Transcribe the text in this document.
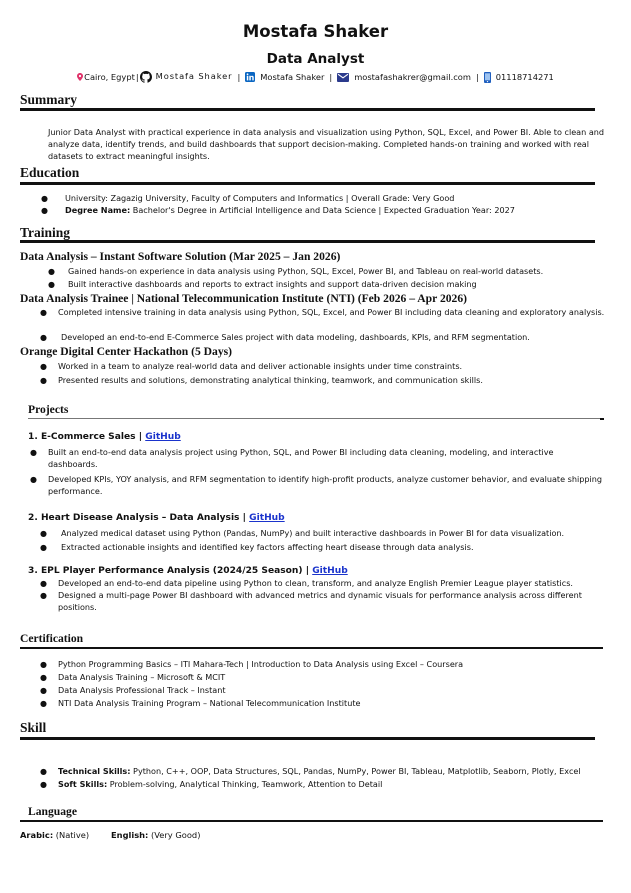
Mostafa Shaker
Data Analyst
Cairo, Egypt| Mostafa Shaker | Mostafa Shaker |	mostafashakrer@gmail.com | 01118714271
Summary
Junior Data Analyst with practical experience in data analysis and visualization using Python, SQL, Excel, and Power BI. Able to clean and analyze data, identify trends, and build dashboards that support decision-making. Completed hands-on training and worked with real datasets to extract meaningful insights.
Education
● University: Zagazig University, Faculty of Computers and Informatics | Overall Grade: Very Good
● Degree Name: Bachelor's Degree in Artificial Intelligence and Data Science | Expected Graduation Year: 2027
Training
Data Analysis – Instant Software Solution (Mar 2025 – Jan 2026)
● Gained hands-on experience in data analysis using Python, SQL, Excel, Power BI, and Tableau on real-world datasets.
● Built interactive dashboards and reports to extract insights and support data-driven decision making
Data Analysis Trainee | National Telecommunication Institute (NTI) (Feb 2026 – Apr 2026)
● Completed intensive training in data analysis using Python, SQL, Excel, and Power BI including data cleaning and exploratory analysis.
● Developed an end-to-end E-Commerce Sales project with data modeling, dashboards, KPIs, and RFM segmentation.
Orange Digital Center Hackathon (5 Days)
● Worked in a team to analyze real-world data and deliver actionable insights under time constraints.
● Presented results and solutions, demonstrating analytical thinking, teamwork, and communication skills.
Projects
1. E-Commerce Sales | GitHub
● Built an end-to-end data analysis project using Python, SQL, and Power BI including data cleaning, modeling, and interactive dashboards.
● Developed KPIs, YOY analysis, and RFM segmentation to identify high-profit products, analyze customer behavior, and evaluate shipping performance.
2. Heart Disease Analysis – Data Analysis | GitHub
● Analyzed medical dataset using Python (Pandas, NumPy) and built interactive dashboards in Power BI for data visualization.
● Extracted actionable insights and identified key factors affecting heart disease through data analysis.
3. EPL Player Performance Analysis (2024/25 Season) | GitHub
● Developed an end-to-end data pipeline using Python to clean, transform, and analyze English Premier League player statistics.
● Designed a multi-page Power BI dashboard with advanced metrics and dynamic visuals for performance analysis across different positions.
Certification
● Python Programming Basics – ITI Mahara-Tech | Introduction to Data Analysis using Excel – Coursera
● Data Analysis Training – Microsoft & MCIT
● Data Analysis Professional Track – Instant
● NTI Data Analysis Training Program – National Telecommunication Institute
Skill
● Technical Skills: Python, C++, OOP, Data Structures, SQL, Pandas, NumPy, Power BI, Tableau, Matplotlib, Seaborn, Plotly, Excel
● Soft Skills: Problem-solving, Analytical Thinking, Teamwork, Attention to Detail
Language
Arabic: (Native)	English: (Very Good)
